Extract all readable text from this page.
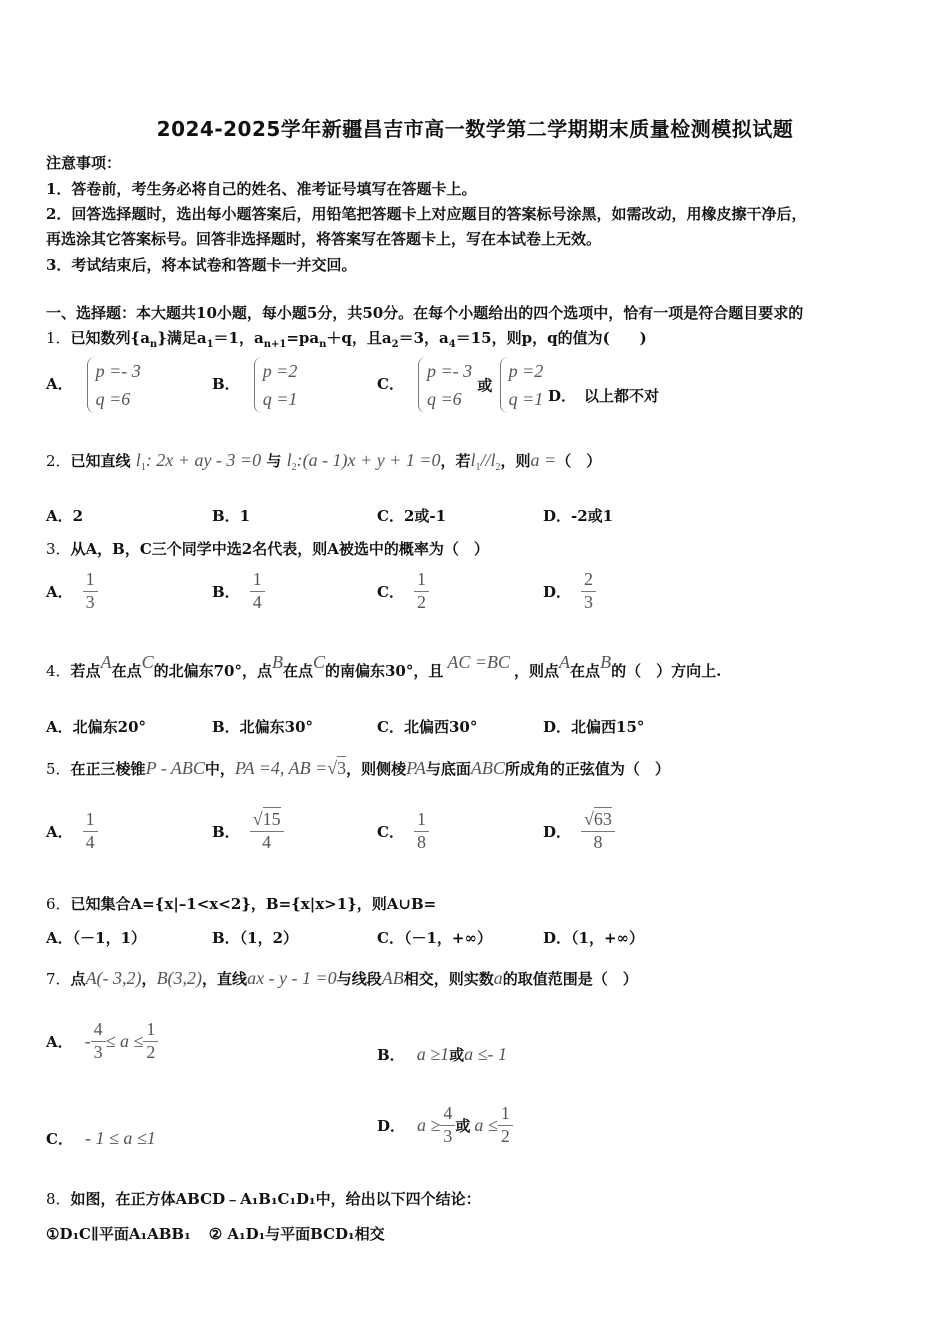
2024-2025学年新疆昌吉市高一数学第二学期期末质量检测模拟试题
注意事项：
1．答卷前，考生务必将自己的姓名、准考证号填写在答题卡上。
2．回答选择题时，选出每小题答案后，用铅笔把答题卡上对应题目的答案标号涂黑，如需改动，用橡皮擦干净后，
再选涂其它答案标号。回答非选择题时，将答案写在答题卡上，写在本试卷上无效。
3．考试结束后，将本试卷和答题卡一并交回。
一、选择题：本大题共10小题，每小题5分，共50分。在每个小题给出的四个选项中，恰有一项是符合题目要求的
1．已知数列$\{a_n\}$满足$a_1=1$，$a_{n+1}=pa_n+q$，且$a_2=3$，$a_4=15$，则p，q的值为(　　)
A．
p =- 3
q =6
B．
p =2
q =1
C．
p =- 3
q =6
或
p =2
q =1 D． 以上都不对
2．已知直线 $l_1$: 2x + ay - 3 =0 与 $l_2:(a - 1)x + y + 1 =0$，若$l_1//l_2$，则a =（　）
A．2	B．1	C．2或-1	D．-2或1
3．从A，B，C三个同学中选2名代表，则A被选中的概率为（　）
A． $\frac{1}{3}$	B． $\frac{1}{4}$	C． $\frac{1}{2}$	D． $\frac{2}{3}$
4．若点A在点C的北偏东70°，点B在点C的南偏东30°，且 AC =BC ，则点A在点B的（　）方向上.
A．北偏东20°	B．北偏东30°	C．北偏西30°	D．北偏西15°
5．在正三棱锥P - ABC中，PA =4, AB =√3，则侧棱PA与底面ABC所成角的正弦值为（　）
A． $\frac{1}{4}$	B． $\frac{√15}{4}$	C． $\frac{1}{8}$	D． $\frac{√63}{8}$
6．已知集合A={x|–1<x<2}，B={x|x>1}，则A∪B=
A．（－1，1）	B．（1，2）	C．（－1，+∞）	D．（1，+∞）
7．点A(- 3,2)，B(3,2)，直线ax - y - 1 =0与线段AB相交，则实数a的取值范围是（　）
A． - $\frac{4}{3} \le a \le \frac{1}{2}$	B． a ≥1或a ≤- 1
C． - 1 ≤ a ≤1
D． $a \ge \frac{4}{3}$ 或 $a \le \frac{1}{2}$
8．如图，在正方体ABCD﹣A₁B₁C₁D₁中，给出以下四个结论：
①D₁C∥平面A₁ABB₁ ② A₁D₁与平面BCD₁相交
